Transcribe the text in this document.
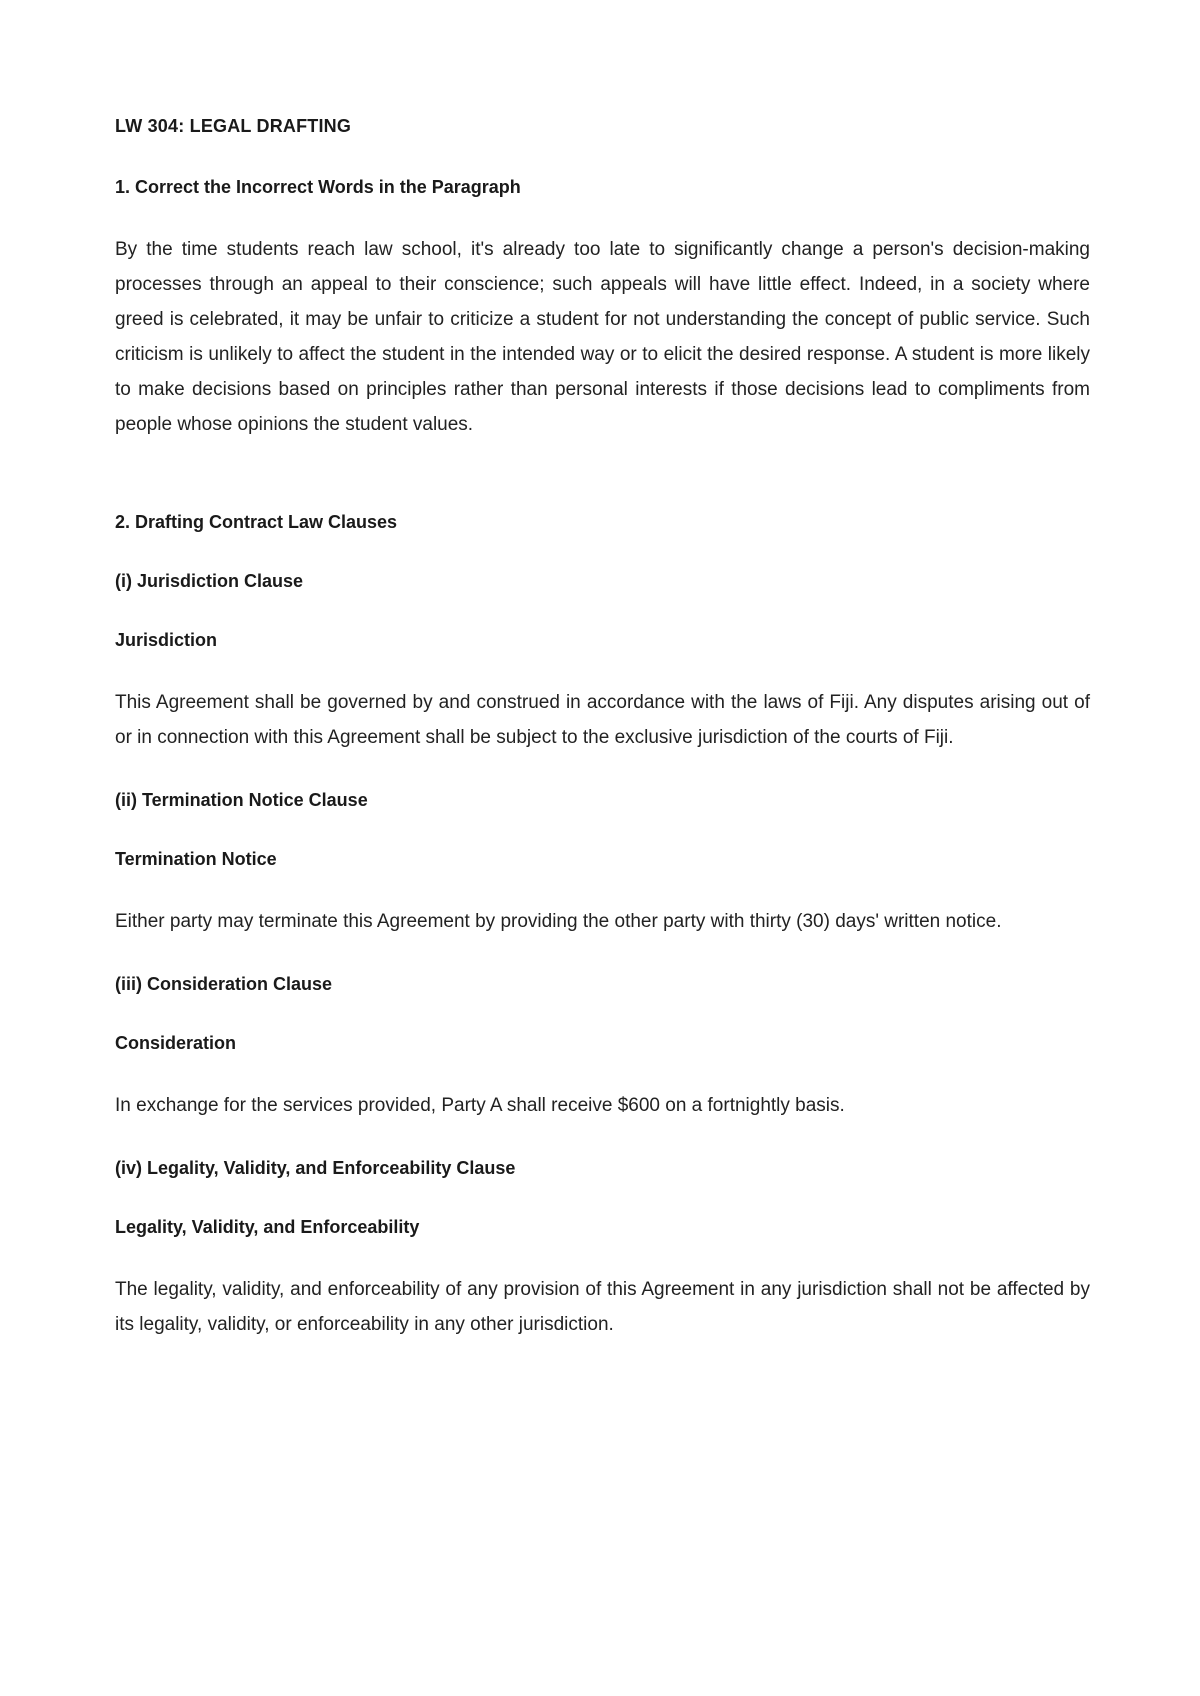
LW 304: LEGAL DRAFTING

1. Correct the Incorrect Words in the Paragraph

By the time students reach law school, it's already too late to significantly change a person's decision-making processes through an appeal to their conscience; such appeals will have little effect. Indeed, in a society where greed is celebrated, it may be unfair to criticize a student for not understanding the concept of public service. Such criticism is unlikely to affect the student in the intended way or to elicit the desired response. A student is more likely to make decisions based on principles rather than personal interests if those decisions lead to compliments from people whose opinions the student values.

2. Drafting Contract Law Clauses

(i) Jurisdiction Clause

Jurisdiction

This Agreement shall be governed by and construed in accordance with the laws of Fiji. Any disputes arising out of or in connection with this Agreement shall be subject to the exclusive jurisdiction of the courts of Fiji.

(ii) Termination Notice Clause

Termination Notice

Either party may terminate this Agreement by providing the other party with thirty (30) days' written notice.

(iii) Consideration Clause

Consideration

In exchange for the services provided, Party A shall receive $600 on a fortnightly basis.

(iv) Legality, Validity, and Enforceability Clause

Legality, Validity, and Enforceability

The legality, validity, and enforceability of any provision of this Agreement in any jurisdiction shall not be affected by its legality, validity, or enforceability in any other jurisdiction.
